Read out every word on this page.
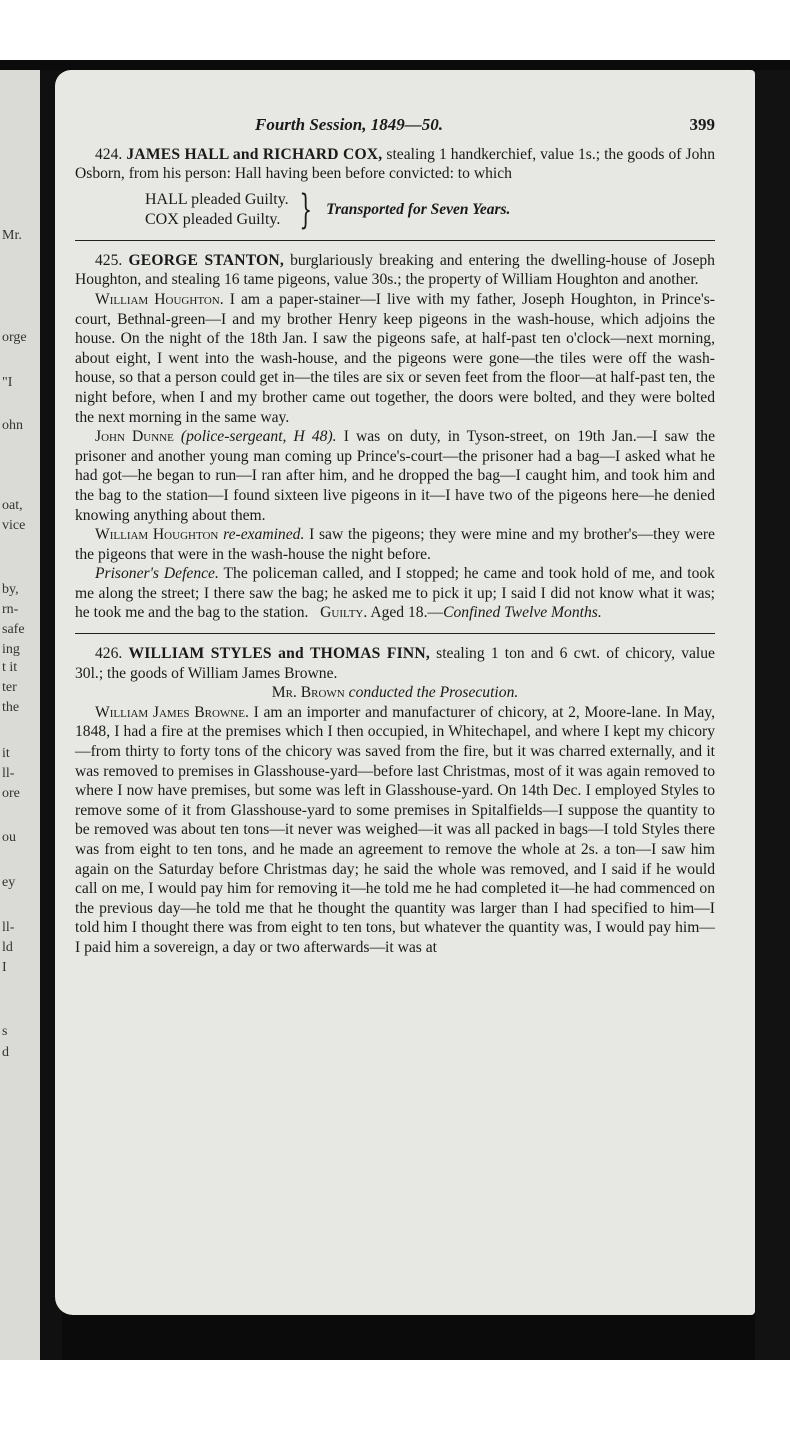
Mr.
orge
"I
ohn
oat,
vice
by,
rn-
safe
ing
t it
ter
the
it
ll-
ore
ou
ey
ll-
ld
I
s
d
Fourth Session, 1849—50.	399

424. JAMES HALL and RICHARD COX, stealing 1 handkerchief, value 1s.; the goods of John Osborn, from his person: Hall having been before convicted: to which

HALL pleaded Guilty.
COX pleaded Guilty. } Transported for Seven Years.

425. GEORGE STANTON, burglariously breaking and entering the dwelling-house of Joseph Houghton, and stealing 16 tame pigeons, value 30s.; the property of William Houghton and another.

William Houghton. I am a paper-stainer—I live with my father, Joseph Houghton, in Prince's-court, Bethnal-green—I and my brother Henry keep pigeons in the wash-house, which adjoins the house. On the night of the 18th Jan. I saw the pigeons safe, at half-past ten o'clock—next morning, about eight, I went into the wash-house, and the pigeons were gone—the tiles were off the wash-house, so that a person could get in—the tiles are six or seven feet from the floor—at half-past ten, the night before, when I and my brother came out together, the doors were bolted, and they were bolted the next morning in the same way.

John Dunne (police-sergeant, H 48). I was on duty, in Tyson-street, on 19th Jan.—I saw the prisoner and another young man coming up Prince's-court—the prisoner had a bag—I asked what he had got—he began to run—I ran after him, and he dropped the bag—I caught him, and took him and the bag to the station—I found sixteen live pigeons in it—I have two of the pigeons here—he denied knowing anything about them.

William Houghton re-examined. I saw the pigeons; they were mine and my brother's—they were the pigeons that were in the wash-house the night before.

Prisoner's Defence. The policeman called, and I stopped; he came and took hold of me, and took me along the street; I there saw the bag; he asked me to pick it up; I said I did not know what it was; he took me and the bag to the station. Guilty. Aged 18.—Confined Twelve Months.

426. WILLIAM STYLES and THOMAS FINN, stealing 1 ton and 6 cwt. of chicory, value 30l.; the goods of William James Browne.

Mr. Brown conducted the Prosecution.

William James Browne. I am an importer and manufacturer of chicory, at 2, Moore-lane. In May, 1848, I had a fire at the premises which I then occupied, in Whitechapel, and where I kept my chicory—from thirty to forty tons of the chicory was saved from the fire, but it was charred externally, and it was removed to premises in Glasshouse-yard—before last Christmas, most of it was again removed to where I now have premises, but some was left in Glasshouse-yard. On 14th Dec. I employed Styles to remove some of it from Glasshouse-yard to some premises in Spitalfields—I suppose the quantity to be removed was about ten tons—it never was weighed—it was all packed in bags—I told Styles there was from eight to ten tons, and he made an agreement to remove the whole at 2s. a ton—I saw him again on the Saturday before Christmas day; he said the whole was removed, and I said if he would call on me, I would pay him for removing it—he told me he had completed it—he had commenced on the previous day—he told me that he thought the quantity was larger than I had specified to him—I told him I thought there was from eight to ten tons, but whatever the quantity was, I would pay him—I paid him a sovereign, a day or two afterwards—it was at
